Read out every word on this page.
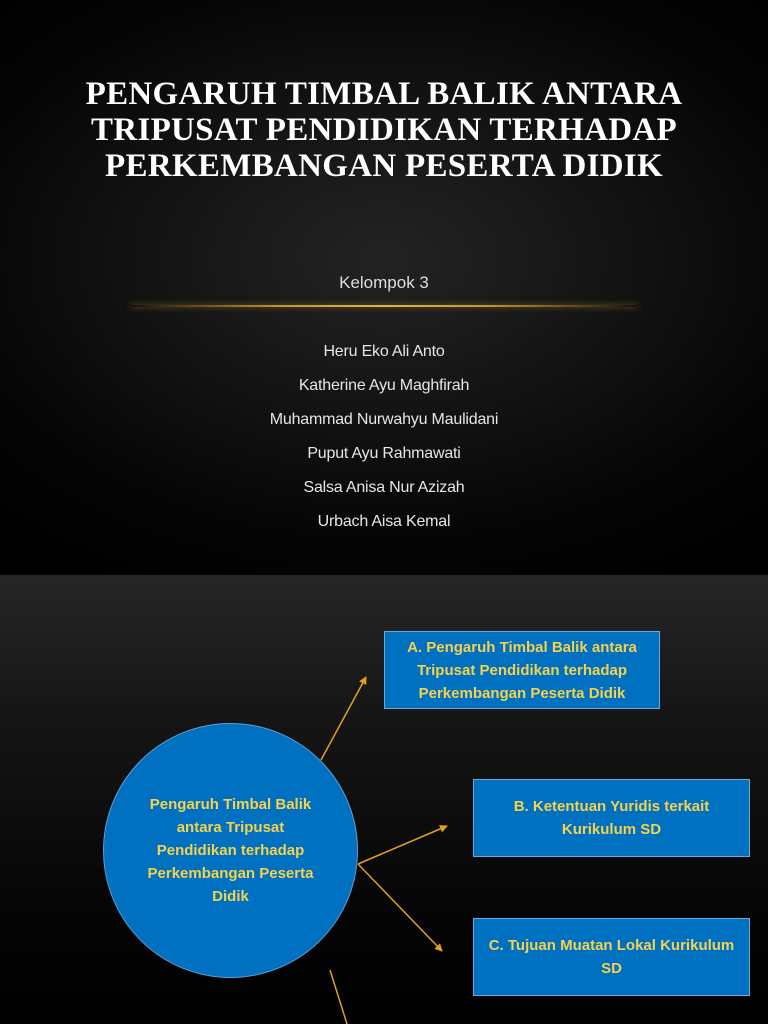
PENGARUH TIMBAL BALIK ANTARA
TRIPUSAT PENDIDIKAN TERHADAP
PERKEMBANGAN PESERTA DIDIK
Kelompok 3
Heru Eko Ali Anto
Katherine Ayu Maghfirah
Muhammad Nurwahyu Maulidani
Puput Ayu Rahmawati
Salsa Anisa Nur Azizah
Urbach Aisa Kemal
Pengaruh Timbal Balik antara Tripusat Pendidikan terhadap Perkembangan Peserta Didik
A. Pengaruh Timbal Balik antara Tripusat Pendidikan terhadap Perkembangan Peserta Didik
B. Ketentuan Yuridis terkait Kurikulum SD
C. Tujuan Muatan Lokal Kurikulum SD
